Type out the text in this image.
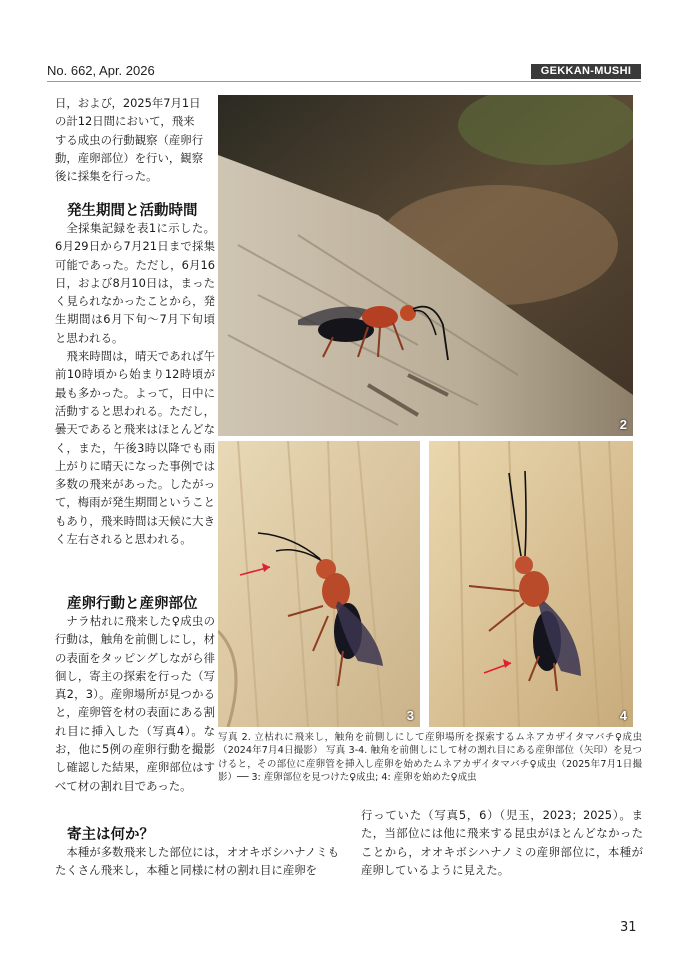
No. 662, Apr. 2026	GEKKAN-MUSHI

日，および，2025年7月1日

の計12日間において，飛来

する成虫の行動観察（産卵行

動，産卵部位）を行い，観察

後に採集を行った。

発生期間と活動時間

全採集記録を表1に示した。6月29日から7月21日まで採集可能であった。ただし，6月16日，および8月10日は，まったく見られなかったことから，発生期間は6月下旬～7月下旬頃と思われる。

飛来時間は，晴天であれば午前10時頃から始まり12時頃が最も多かった。よって，日中に活動すると思われる。ただし，曇天であると飛来はほとんどなく，また，午後3時以降でも雨上がりに晴天になった事例では多数の飛来があった。したがって，梅雨が発生期間ということもあり，飛来時間は天候に大きく左右されると思われる。

産卵行動と産卵部位

ナラ枯れに飛来した♀成虫の行動は，触角を前側しにし，材の表面をタッピングしながら徘徊し，寄主の探索を行った（写真2，3）。産卵場所が見つかると，産卵管を材の表面にある割れ目に挿入した（写真4）。なお，他に5例の産卵行動を撮影し確認した結果，産卵部位はすべて材の割れ目であった。

寄主は何か？

本種が多数飛来した部位には，オオキボシハナノミもたくさん飛来し，本種と同様に材の割れ目に産卵を

行っていた（写真5，6）（児玉，2023；2025）。また，当部位には他に飛来する昆虫がほとんどなかったことから，オオキボシハナノミの産卵部位に，本種が産卵しているように見えた。

2
3	4
写真 2. 立枯れに飛来し，触角を前側しにして産卵場所を探索するムネアカザイタマバチ♀成虫（2024年7月4日撮影） 写真 3-4. 触角を前側しにして材の割れ目にある産卵部位（矢印）を見つけると，その部位に産卵管を挿入し産卵を始めたムネアカザイタマバチ♀成虫（2025年7月1日撮影）── 3: 産卵部位を見つけた♀成虫; 4: 産卵を始めた♀成虫
31
